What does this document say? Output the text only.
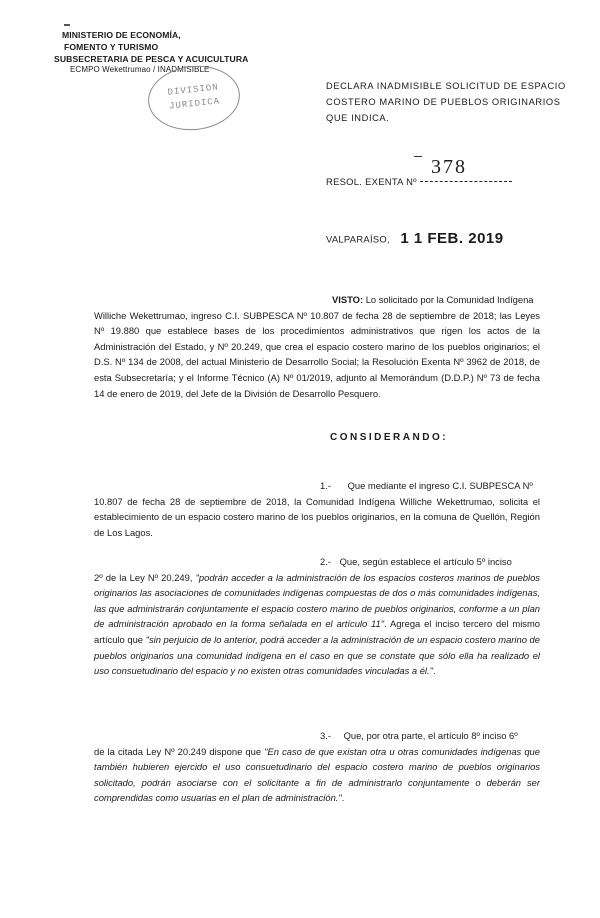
MINISTERIO DE ECONOMÍA,
FOMENTO Y TURISMO
SUBSECRETARIA DE PESCA Y ACUICULTURA
ECMPO Wekettrumao / INADMISIBLE
DIVISION
JURIDICA
DECLARA INADMISIBLE SOLICITUD DE ESPACIO
COSTERO MARINO DE PUEBLOS ORIGINARIOS
QUE INDICA.
RESOL. EXENTA Nº
378
VALPARAÍSO, 1 1 FEB. 2019
VISTO: Lo solicitado por la Comunidad Indígena
Williche Wekettrumao, ingreso C.I. SUBPESCA Nº 10.807 de fecha 28 de septiembre de 2018; las Leyes Nº 19.880 que establece bases de los procedimientos administrativos que rigen los actos de la Administración del Estado, y Nº 20.249, que crea el espacio costero marino de los pueblos originarios; el D.S. Nº 134 de 2008, del actual Ministerio de Desarrollo Social; la Resolución Exenta Nº 3962 de 2018, de esta Subsecretaría; y el Informe Técnico (A) Nº 01/2019, adjunto al Memorándum (D.D.P.) Nº 73 de fecha 14 de enero de 2019, del Jefe de la División de Desarrollo Pesquero.
CONSIDERANDO:
1.- Que mediante el ingreso C.I. SUBPESCA Nº
10.807 de fecha 28 de septiembre de 2018, la Comunidad Indígena Williche Wekettrumao, solicita el establecimiento de un espacio costero marino de los pueblos originarios, en la comuna de Quellón, Región de Los Lagos.
2.- Que, según establece el artículo 5º inciso
2º de la Ley Nº 20.249, "podrán acceder a la administración de los espacios costeros marinos de pueblos originarios las asociaciones de comunidades indígenas compuestas de dos o más comunidades indígenas, las que administrarán conjuntamente el espacio costero marino de pueblos originarios, conforme a un plan de administración aprobado en la forma señalada en el artículo 11". Agrega el inciso tercero del mismo artículo que "sin perjuicio de lo anterior, podrá acceder a la administración de un espacio costero marino de pueblos originarios una comunidad indígena en el caso en que se constate que sólo ella ha realizado el uso consuetudinario del espacio y no existen otras comunidades vinculadas a él.".
3.- Que, por otra parte, el artículo 8º inciso 6º
de la citada Ley Nº 20.249 dispone que "En caso de que existan otra u otras comunidades indígenas que también hubieren ejercido el uso consuetudinario del espacio costero marino de pueblos originarios solicitado, podrán asociarse con el solicitante a fin de administrarlo conjuntamente o deberán ser comprendidas como usuarias en el plan de administración.".
